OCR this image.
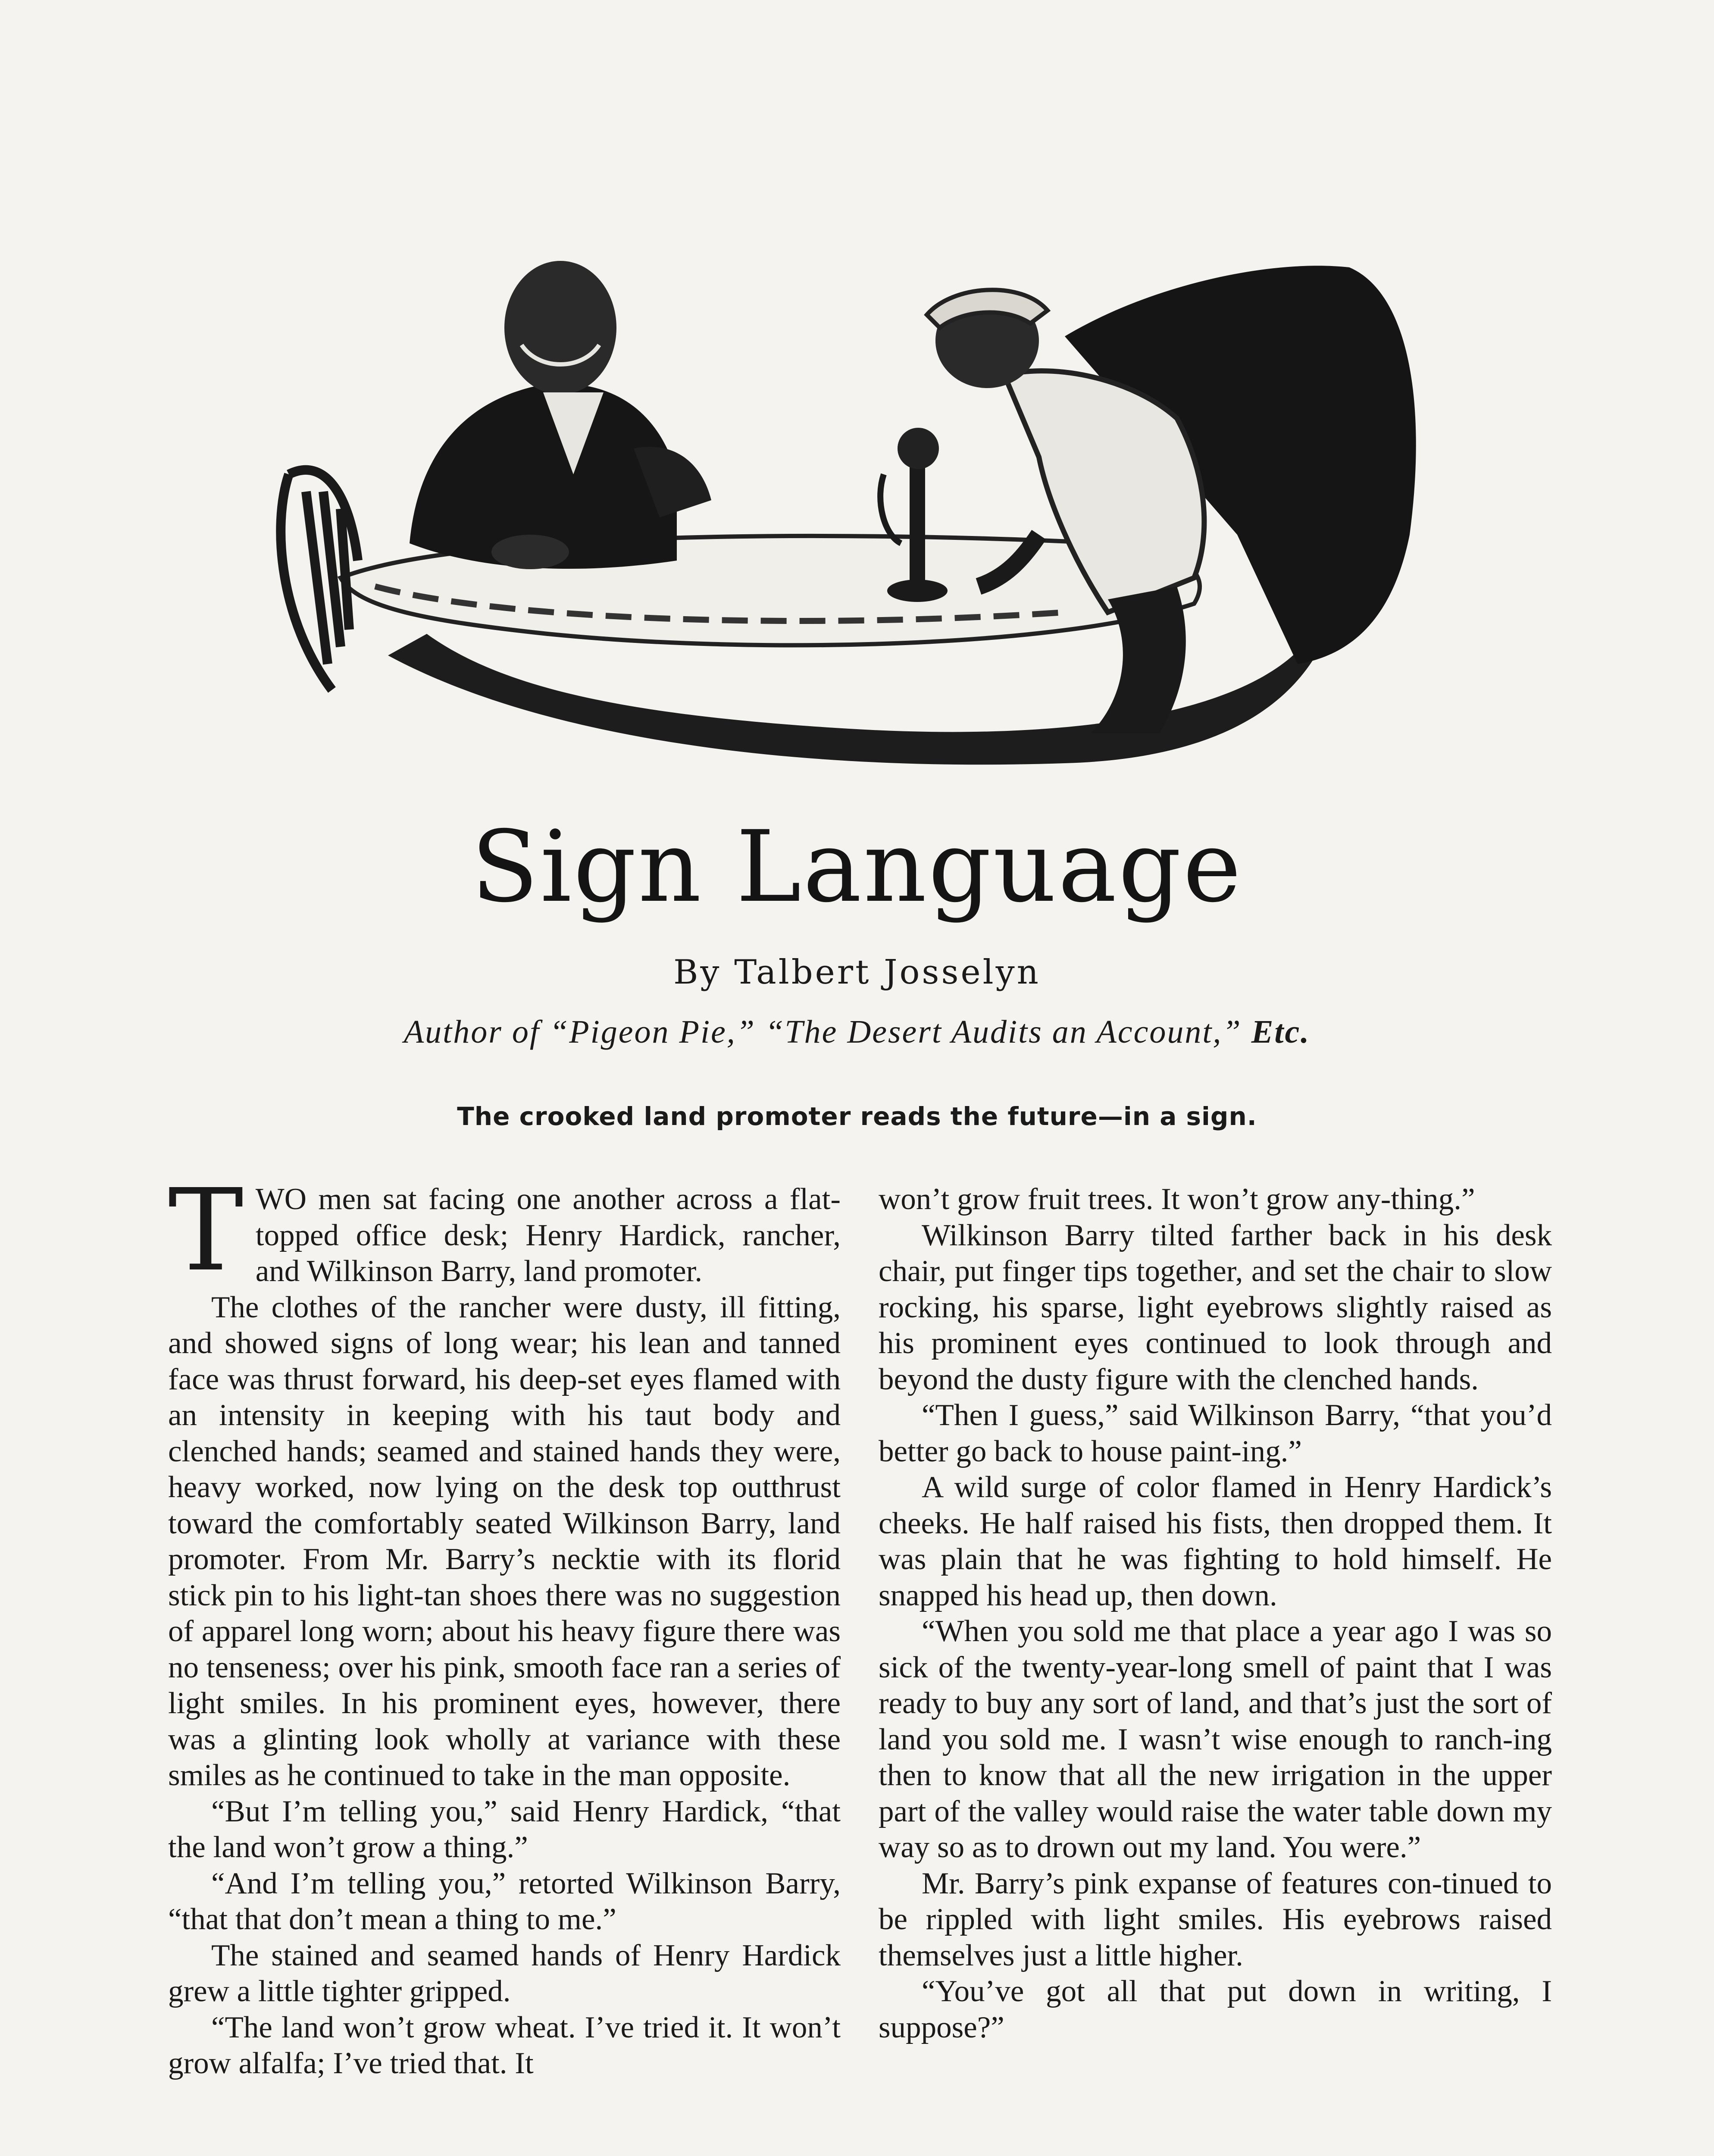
Sign Language
By Talbert Josselyn
Author of “Pigeon Pie,” “The Desert Audits an Account,” Etc.
The crooked land promoter reads the future—in a sign.

TWO men sat facing one another across a flat-topped office desk; Henry Hardick, rancher, and Wilkinson Barry, land promoter.

The clothes of the rancher were dusty, ill fitting, and showed signs of long wear; his lean and tanned face was thrust forward, his deep-set eyes flamed with an intensity in keeping with his taut body and clenched hands; seamed and stained hands they were, heavy worked, now lying on the desk top outthrust toward the comfortably seated Wilkinson Barry, land promoter. From Mr. Barry’s necktie with its florid stick pin to his light-tan shoes there was no suggestion of apparel long worn; about his heavy figure there was no tenseness; over his pink, smooth face ran a series of light smiles. In his prominent eyes, however, there was a glinting look wholly at variance with these smiles as he continued to take in the man opposite.

“But I’m telling you,” said Henry Hardick, “that the land won’t grow a thing.”

“And I’m telling you,” retorted Wilkinson Barry, “that that don’t mean a thing to me.”

The stained and seamed hands of Henry Hardick grew a little tighter gripped.

“The land won’t grow wheat. I’ve tried it. It won’t grow alfalfa; I’ve tried that. It

won’t grow fruit trees. It won’t grow any-thing.”

Wilkinson Barry tilted farther back in his desk chair, put finger tips together, and set the chair to slow rocking, his sparse, light eyebrows slightly raised as his prominent eyes continued to look through and beyond the dusty figure with the clenched hands.

“Then I guess,” said Wilkinson Barry, “that you’d better go back to house paint-ing.”

A wild surge of color flamed in Henry Hardick’s cheeks. He half raised his fists, then dropped them. It was plain that he was fighting to hold himself. He snapped his head up, then down.

“When you sold me that place a year ago I was so sick of the twenty-year-long smell of paint that I was ready to buy any sort of land, and that’s just the sort of land you sold me. I wasn’t wise enough to ranch-ing then to know that all the new irrigation in the upper part of the valley would raise the water table down my way so as to drown out my land. You were.”

Mr. Barry’s pink expanse of features con-tinued to be rippled with light smiles. His eyebrows raised themselves just a little higher.

“You’ve got all that put down in writing, I suppose?”
